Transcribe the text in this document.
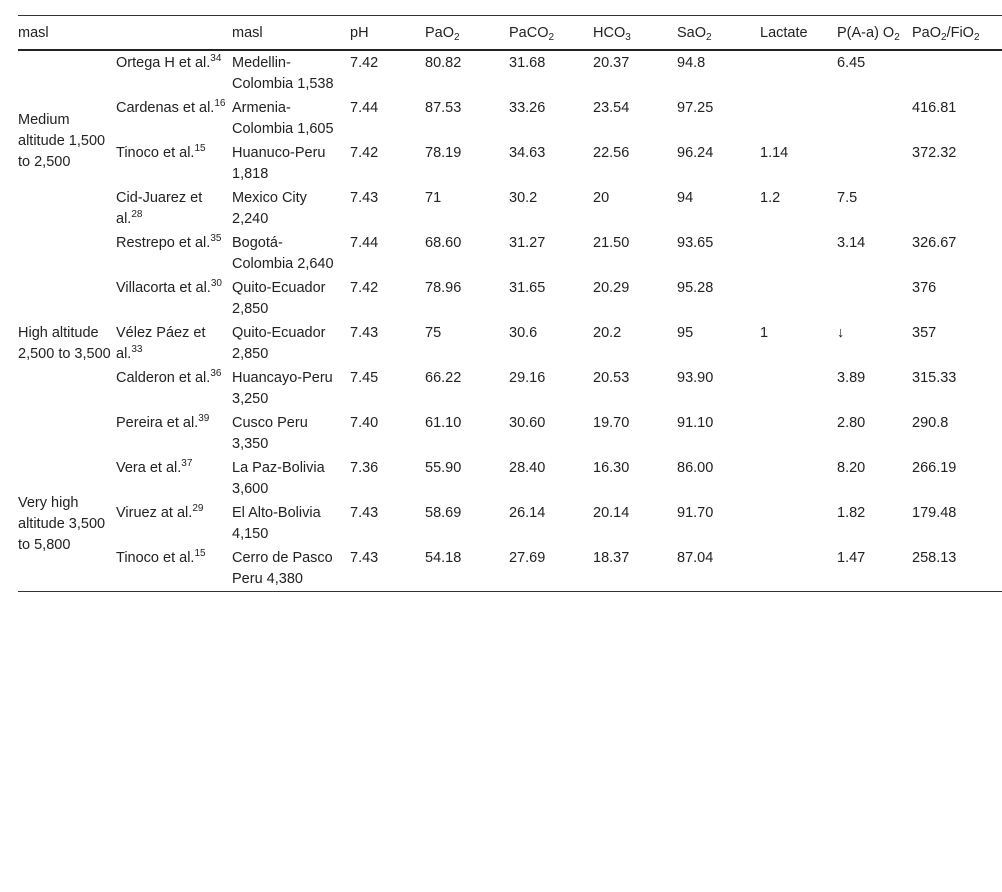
masl		masl	pH	PaO$_2$	PaCO$_2$	$HCO_3$	SaO$_2$	Lactate	P(A-a) $O_2$	PaO$_2$/FiO$_2$
Medium altitude 1,500 to 2,500	Ortega H et al.$^{34}$	Medellin-Colombia 1,538	7.42	80.82	31.68	20.37	94.8		6.45	
	Cardenas et al.$^{16}$	Armenia-Colombia 1,605	7.44	87.53	33.26	23.54	97.25			416.81
	Tinoco et al.$^{15}$	Huanuco-Peru 1,818	7.42	78.19	34.63	22.56	96.24	1.14		372.32
	Cid-Juarez et al.$^{28}$	Mexico City 2,240	7.43	71	30.2	20	94	1.2	7.5	
High altitude 2,500 to 3,500	Restrepo et al.$^{35}$	Bogotá-Colombia 2,640	7.44	68.60	31.27	21.50	93.65		3.14	326.67
	Villacorta et al.$^{30}$	Quito-Ecuador 2,850	7.42	78.96	31.65	20.29	95.28			376
	Vélez Páez et al.$^{33}$	Quito-Ecuador 2,850	7.43	75	30.6	20.2	95	1	↓	357
	Calderon et al.$^{36}$	Huancayo-Peru 3,250	7.45	66.22	29.16	20.53	93.90		3.89	315.33
	Pereira et al.$^{39}$	Cusco Peru 3,350	7.40	61.10	30.60	19.70	91.10		2.80	290.8
Very high altitude 3,500 to 5,800	Vera et al.$^{37}$	La Paz-Bolivia 3,600	7.36	55.90	28.40	16.30	86.00		8.20	266.19
	Viruez at al.$^{29}$	El Alto-Bolivia 4,150	7.43	58.69	26.14	20.14	91.70		1.82	179.48
	Tinoco et al.$^{15}$	Cerro de Pasco Peru 4,380	7.43	54.18	27.69	18.37	87.04		1.47	258.13
